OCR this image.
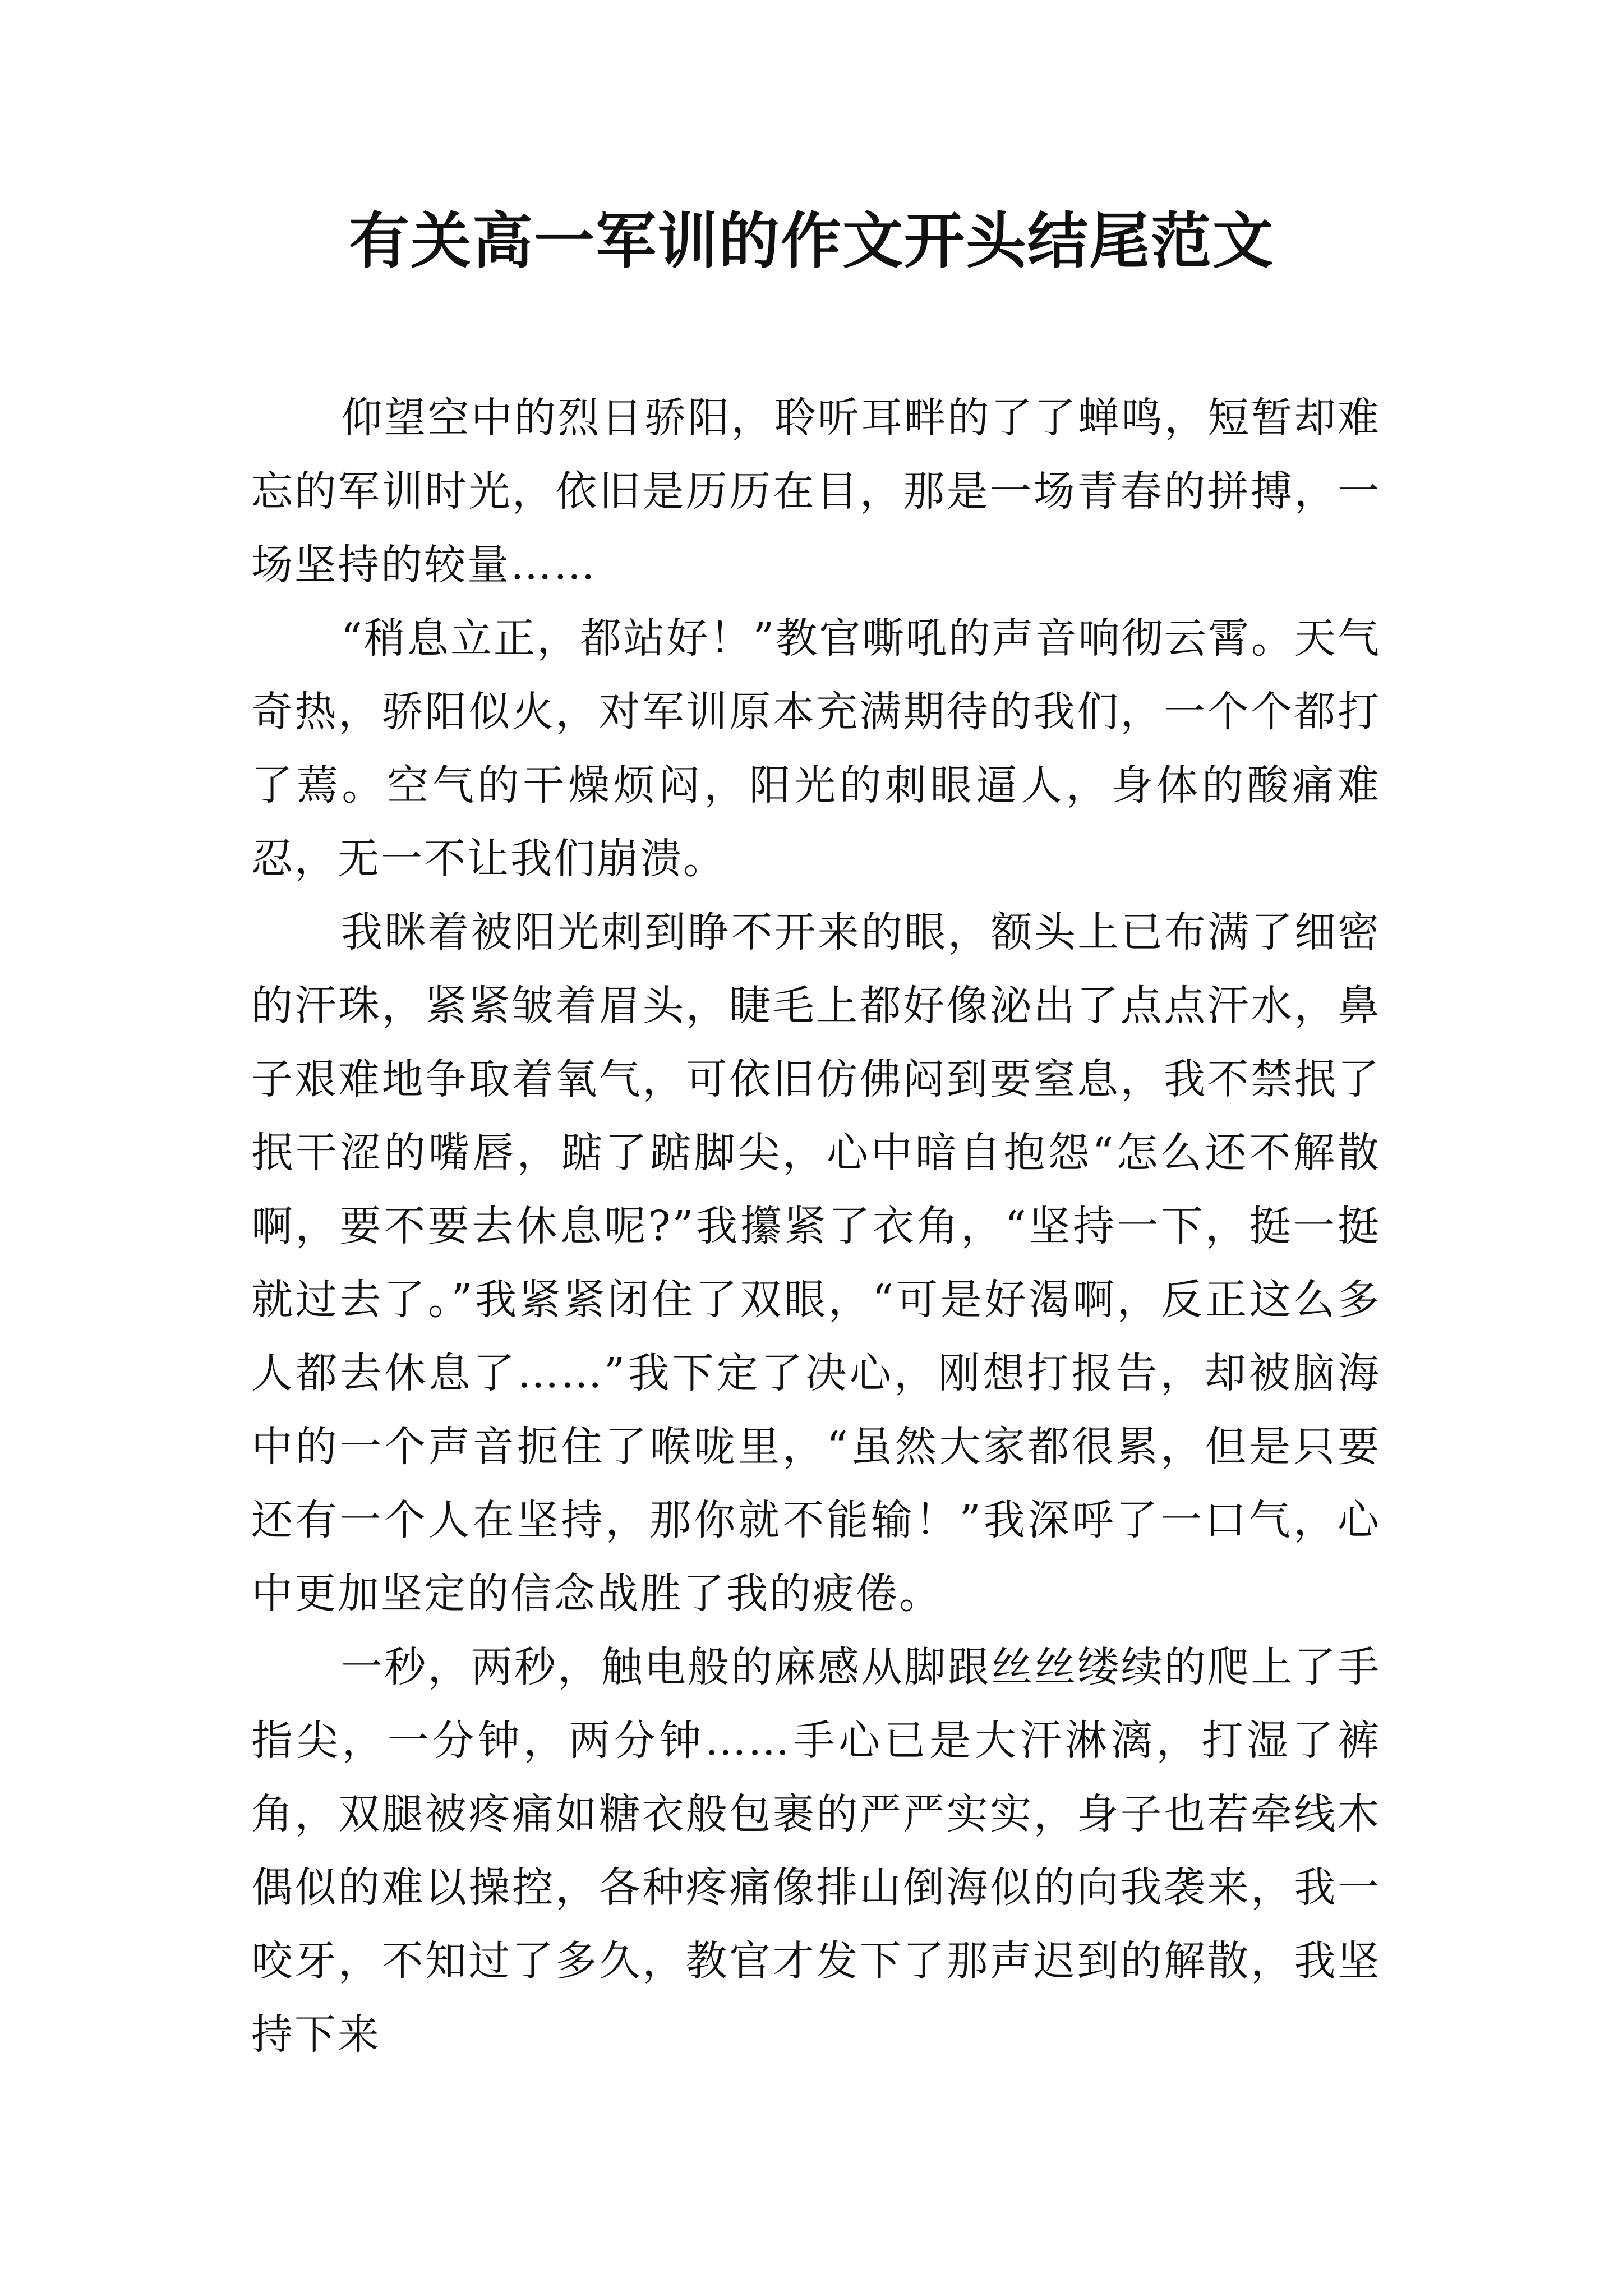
有关高一军训的作文开头结尾范文

仰望空中的烈日骄阳，聆听耳畔的了了蝉鸣，短暂却难忘的军训时光，依旧是历历在目，那是一场青春的拼搏，一场坚持的较量……

“稍息立正，都站好！”教官嘶吼的声音响彻云霄。天气奇热，骄阳似火，对军训原本充满期待的我们，一个个都打了蔫。空气的干燥烦闷，阳光的刺眼逼人，身体的酸痛难忍，无一不让我们崩溃。

我眯着被阳光刺到睁不开来的眼，额头上已布满了细密的汗珠，紧紧皱着眉头，睫毛上都好像泌出了点点汗水，鼻子艰难地争取着氧气，可依旧仿佛闷到要窒息，我不禁抿了抿干涩的嘴唇，踮了踮脚尖，心中暗自抱怨“怎么还不解散啊，要不要去休息呢?”我攥紧了衣角，“坚持一下，挺一挺就过去了。”我紧紧闭住了双眼，“可是好渴啊，反正这么多人都去休息了……”我下定了决心，刚想打报告，却被脑海中的一个声音扼住了喉咙里，“虽然大家都很累，但是只要还有一个人在坚持，那你就不能输！”我深呼了一口气，心中更加坚定的信念战胜了我的疲倦。

一秒，两秒，触电般的麻感从脚跟丝丝缕续的爬上了手指尖，一分钟，两分钟……手心已是大汗淋漓，打湿了裤角，双腿被疼痛如糖衣般包裹的严严实实，身子也若牵线木偶似的难以操控，各种疼痛像排山倒海似的向我袭来，我一咬牙，不知过了多久，教官才发下了那声迟到的解散，我坚持下来
